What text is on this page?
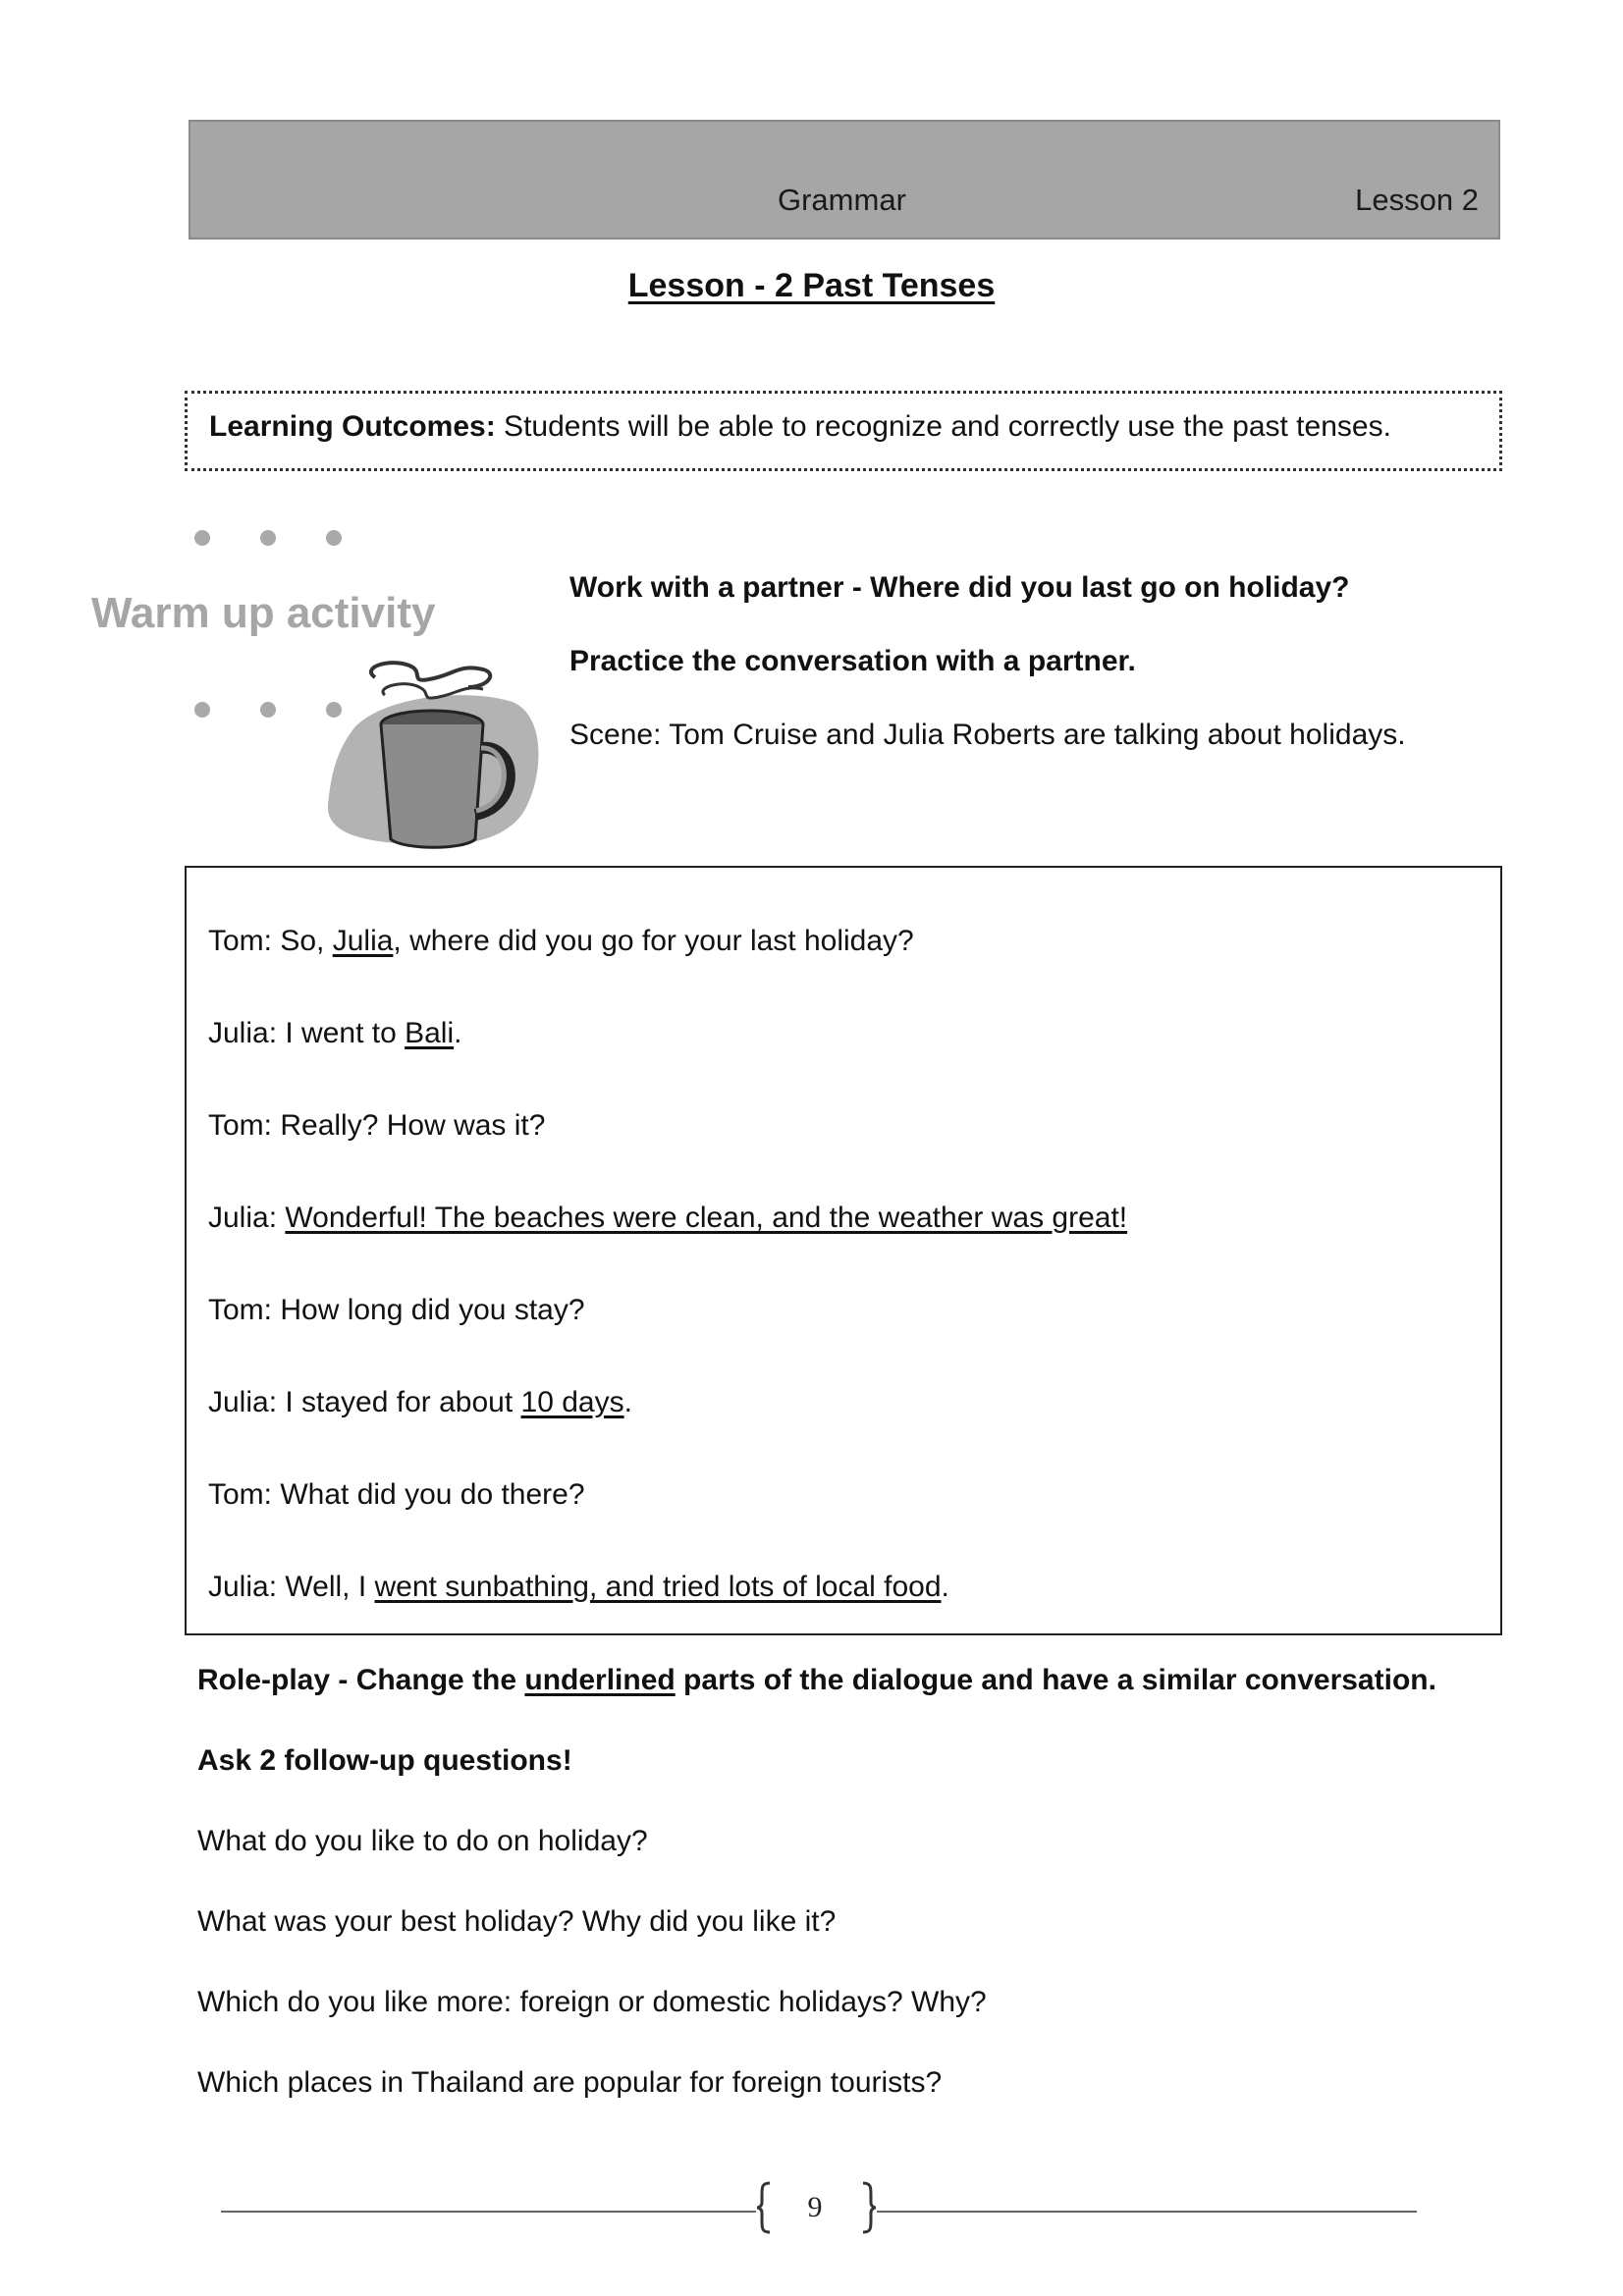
Grammar	Lesson 2
Lesson - 2 Past Tenses
Learning Outcomes: Students will be able to recognize and correctly use the past tenses.
Warm up activity
Work with a partner - Where did you last go on holiday?
Practice the conversation with a partner.
Scene: Tom Cruise and Julia Roberts are talking about holidays.
Tom: So, Julia, where did you go for your last holiday?
Julia: I went to Bali.
Tom: Really? How was it?
Julia: Wonderful! The beaches were clean, and the weather was great!
Tom: How long did you stay?
Julia: I stayed for about 10 days.
Tom: What did you do there?
Julia: Well, I went sunbathing, and tried lots of local food.
Role-play - Change the underlined parts of the dialogue and have a similar conversation.
Ask 2 follow-up questions!
What do you like to do on holiday?
What was your best holiday? Why did you like it?
Which do you like more: foreign or domestic holidays? Why?
Which places in Thailand are popular for foreign tourists?
9
